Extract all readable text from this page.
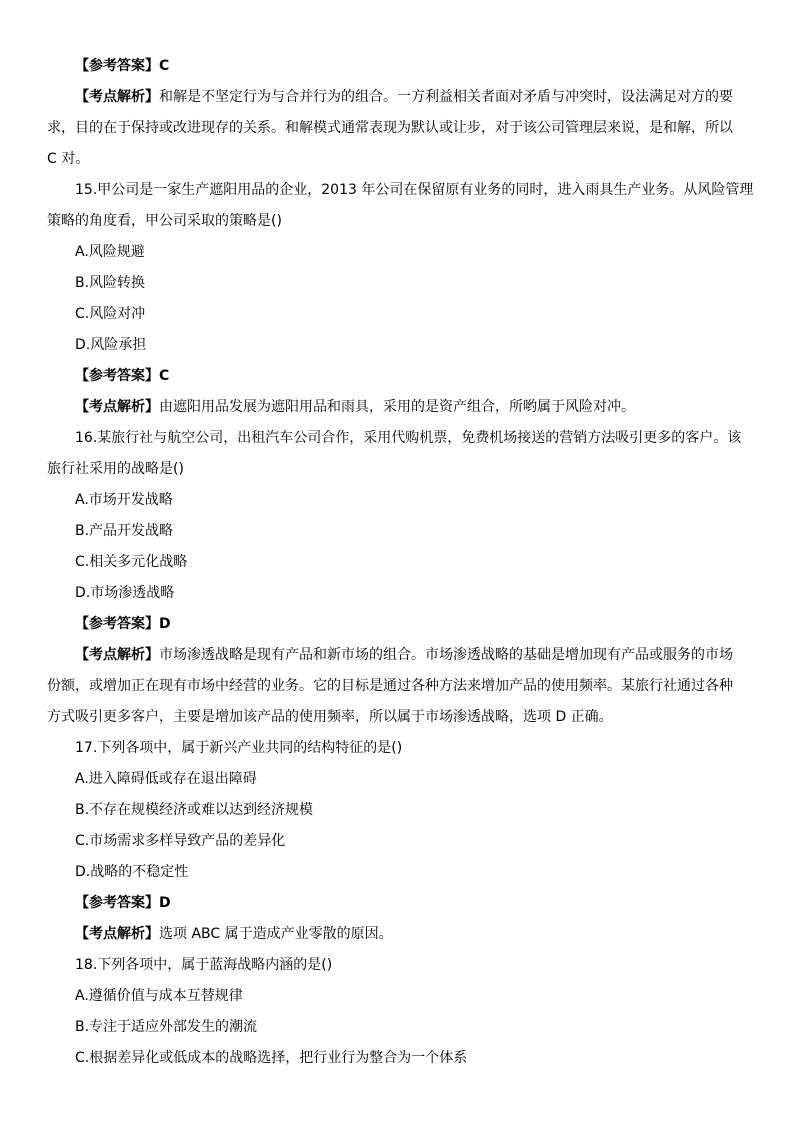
【参考答案】C
【考点解析】和解是不坚定行为与合并行为的组合。一方利益相关者面对矛盾与冲突时，设法满足对方的要
求，目的在于保持或改进现存的关系。和解模式通常表现为默认或让步，对于该公司管理层来说，是和解，所以
C 对。
15.甲公司是一家生产遮阳用品的企业，2013 年公司在保留原有业务的同时，进入雨具生产业务。从风险管理
策略的角度看，甲公司采取的策略是()
A.风险规避
B.风险转换
C.风险对冲
D.风险承担
【参考答案】C
【考点解析】由遮阳用品发展为遮阳用品和雨具，采用的是资产组合，所哟属于风险对冲。
16.某旅行社与航空公司，出租汽车公司合作，采用代购机票，免费机场接送的营销方法吸引更多的客户。该
旅行社采用的战略是()
A.市场开发战略
B.产品开发战略
C.相关多元化战略
D.市场渗透战略
【参考答案】D
【考点解析】市场渗透战略是现有产品和新市场的组合。市场渗透战略的基础是增加现有产品或服务的市场
份额，或增加正在现有市场中经营的业务。它的目标是通过各种方法来增加产品的使用频率。某旅行社通过各种
方式吸引更多客户，主要是增加该产品的使用频率，所以属于市场渗透战略，选项 D 正确。
17.下列各项中，属于新兴产业共同的结构特征的是()
A.进入障碍低或存在退出障碍
B.不存在规模经济或难以达到经济规模
C.市场需求多样导致产品的差异化
D.战略的不稳定性
【参考答案】D
【考点解析】选项 ABC 属于造成产业零散的原因。
18.下列各项中，属于蓝海战略内涵的是()
A.遵循价值与成本互替规律
B.专注于适应外部发生的潮流
C.根据差异化或低成本的战略选择，把行业行为整合为一个体系
